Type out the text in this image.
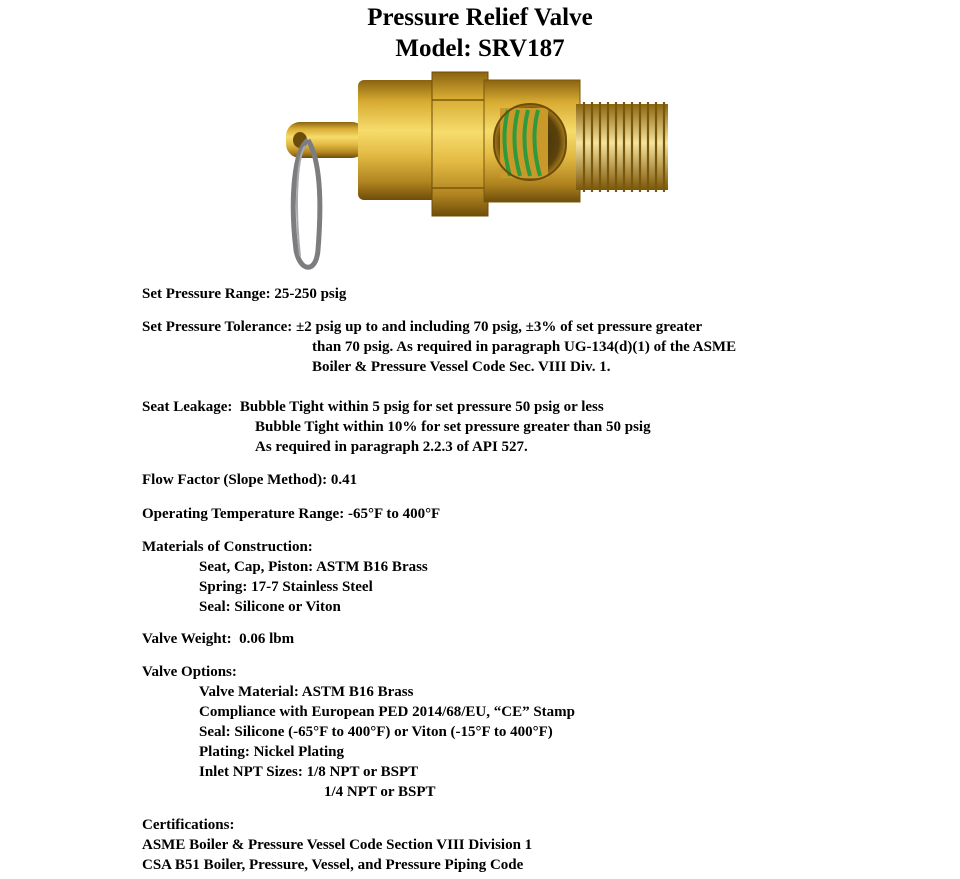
Pressure Relief Valve
Model: SRV187
Set Pressure Range:
25-250 psig
Set Pressure Tolerance:
±2 psig up to and including 70 psig, ±3% of set pressure greater
than 70 psig. As required in paragraph UG-134(d)(1) of the ASME
Boiler & Pressure Vessel Code Sec. VIII Div. 1.
Seat Leakage:
Bubble Tight within 5 psig for set pressure 50 psig or less
Bubble Tight within 10% for set pressure greater than 50 psig
As required in paragraph 2.2.3 of API 527.
Flow Factor (Slope Method):
0.41
Operating Temperature Range:
-65°F to 400°F
Materials of Construction:
Seat, Cap, Piston: ASTM B16 Brass
Spring: 17-7 Stainless Steel
Seal: Silicone or Viton
Valve Weight:
0.06 lbm
Valve Options:
Valve Material: ASTM B16 Brass
Compliance with European PED 2014/68/EU, “CE” Stamp
Seal: Silicone (-65°F to 400°F) or Viton (-15°F to 400°F)
Plating: Nickel Plating
Inlet NPT Sizes: 1/8 NPT or BSPT
1/4 NPT or BSPT
Certifications:
ASME Boiler & Pressure Vessel Code Section VIII Division 1
CSA B51 Boiler, Pressure, Vessel, and Pressure Piping Code
